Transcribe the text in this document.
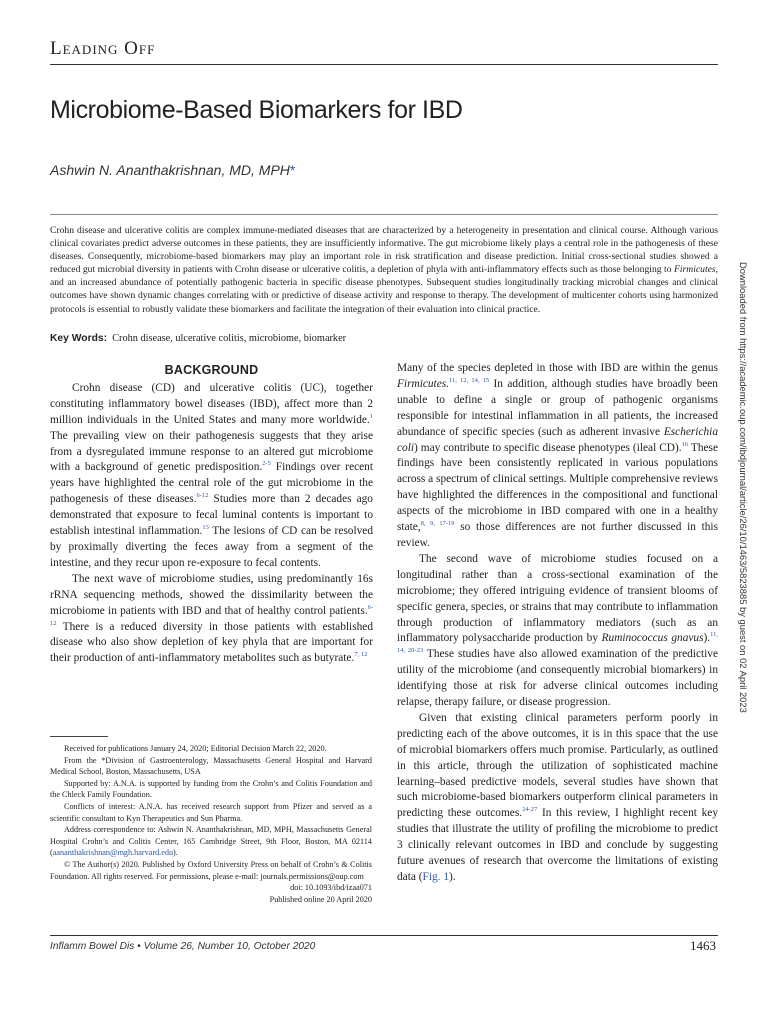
Leading Off
Microbiome-Based Biomarkers for IBD
Ashwin N. Ananthakrishnan, MD, MPH*

Crohn disease and ulcerative colitis are complex immune-mediated diseases that are characterized by a heterogeneity in presentation and clinical course. Although various clinical covariates predict adverse outcomes in these patients, they are insufficiently informative. The gut microbiome likely plays a central role in the pathogenesis of these diseases. Consequently, microbiome-based biomarkers may play an important role in risk stratification and disease prediction. Initial cross-sectional studies showed a reduced gut microbial diversity in patients with Crohn disease or ulcerative colitis, a depletion of phyla with anti-inflammatory effects such as those belonging to Firmicutes, and an increased abundance of potentially pathogenic bacteria in specific disease phenotypes. Subsequent studies longitudinally tracking microbial changes and clinical outcomes have shown dynamic changes correlating with or predictive of disease activity and response to therapy. The development of multicenter cohorts using harmonized protocols is essential to robustly validate these biomarkers and facilitate the integration of their evaluation into clinical practice.

Key Words: Crohn disease, ulcerative colitis, microbiome, biomarker
BACKGROUND

Crohn disease (CD) and ulcerative colitis (UC), together constituting inflammatory bowel diseases (IBD), affect more than 2 million individuals in the United States and many more worldwide.$^1$ The prevailing view on their pathogenesis suggests that they arise from a dysregulated immune response to an altered gut microbiome with a background of genetic predisposition.$^{2-5}$ Findings over recent years have highlighted the central role of the gut microbiome in the pathogenesis of these diseases.$^{6-12}$ Studies more than 2 decades ago demonstrated that exposure to fecal luminal contents is important to establish intestinal inflammation.$^{13}$ The lesions of CD can be resolved by proximally diverting the feces away from a segment of the intestine, and they recur upon re-exposure to fecal contents.

The next wave of microbiome studies, using predominantly 16s rRNA sequencing methods, showed the dissimilarity between the microbiome in patients with IBD and that of healthy control patients.$^{6-12}$ There is a reduced diversity in those patients with established disease who also show depletion of key phyla that are important for their production of anti-inflammatory metabolites such as butyrate.$^{7, 12}$

Received for publications January 24, 2020; Editorial Decision March 22, 2020.

From the *Division of Gastroenterology, Massachusetts General Hospital and Harvard Medical School, Boston, Massachusetts, USA

Supported by: A.N.A. is supported by funding from the Crohn’s and Colitis Foundation and the Chleck Family Foundation.

Conflicts of interest: A.N.A. has received research support from Pfizer and served as a scientific consultant to Kyn Therapeutics and Sun Pharma.

Address correspondence to: Ashwin N. Ananthakrishnan, MD, MPH, Massachusetts General Hospital Crohn’s and Colitis Center, 165 Cambridge Street, 9th Floor, Boston, MA 02114 (aananthakrishnan@mgh.harvard.edu).

© The Author(s) 2020. Published by Oxford University Press on behalf of Crohn’s & Colitis Foundation. All rights reserved. For permissions, please e-mail: journals.permissions@oup.com

doi: 10.1093/ibd/izaa071

Published online 20 April 2020

Many of the species depleted in those with IBD are within the genus Firmicutes.$^{11, 12, 14, 15}$ In addition, although studies have broadly been unable to define a single or group of pathogenic organisms responsible for intestinal inflammation in all patients, the increased abundance of specific species (such as adherent invasive Escherichia coli) may contribute to specific disease phenotypes (ileal CD).$^{16}$ These findings have been consistently replicated in various populations across a spectrum of clinical settings. Multiple comprehensive reviews have highlighted the differences in the compositional and functional aspects of the microbiome in IBD compared with one in a healthy state,$^{8, 9, 17-19}$ so those differences are not further discussed in this review.

The second wave of microbiome studies focused on a longitudinal rather than a cross-sectional examination of the microbiome; they offered intriguing evidence of transient blooms of specific genera, species, or strains that may contribute to inflammation through production of inflammatory mediators (such as an inflammatory polysaccharide production by Ruminococcus gnavus).$^{11, 14, 20-23}$ These studies have also allowed examination of the predictive utility of the microbiome (and consequently microbial biomarkers) in identifying those at risk for adverse clinical outcomes including relapse, therapy failure, or disease progression.

Given that existing clinical parameters perform poorly in predicting each of the above outcomes, it is in this space that the use of microbial biomarkers offers much promise. Particularly, as outlined in this article, through the utilization of sophisticated machine learning–based predictive models, several studies have shown that such microbiome-based biomarkers outperform clinical parameters in predicting these outcomes.$^{24-27}$ In this review, I highlight recent key studies that illustrate the utility of profiling the microbiome to predict 3 clinically relevant outcomes in IBD and conclude by suggesting future avenues of research that overcome the limitations of existing data (Fig. 1).

Inflamm Bowel Dis • Volume 26, Number 10, October 2020	1463
Downloaded from https://academic.oup.com/ibdjournal/article/26/10/1463/5823885 by guest on 02 April 2023
